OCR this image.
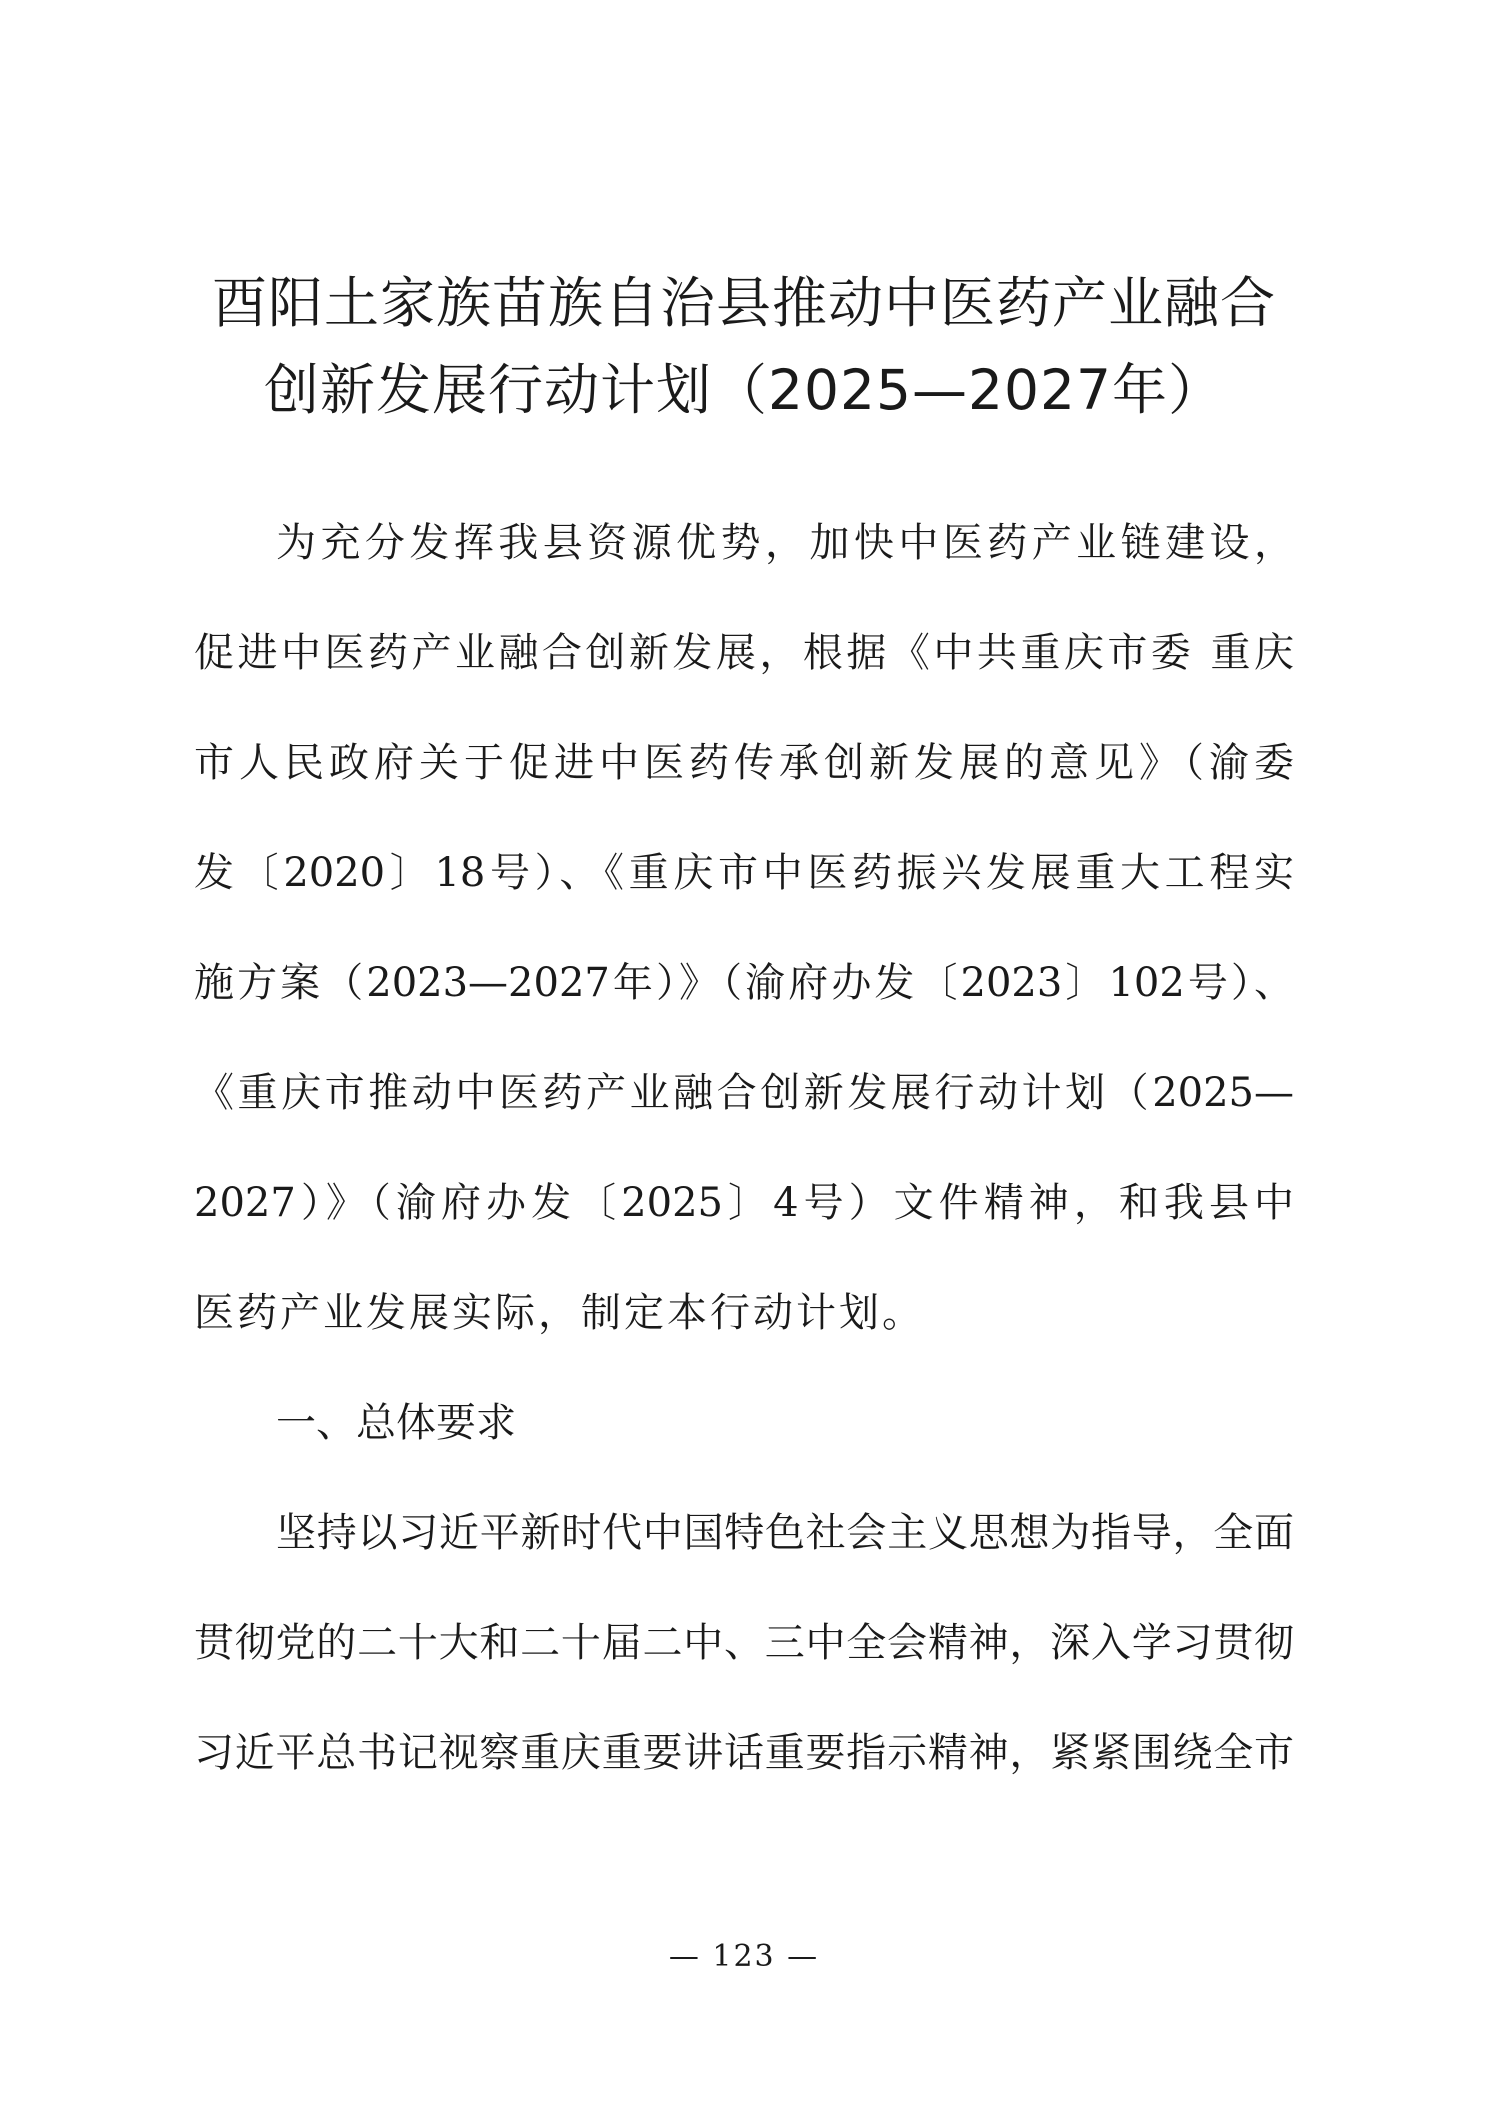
酉阳土家族苗族自治县推动中医药产业融合
创新发展行动计划（2025—2027年）
为充分发挥我县资源优势，加快中医药产业链建设，
促进中医药产业融合创新发展，根据《中共重庆市委 重庆
市人民政府关于促进中医药传承创新发展的意见》（渝委
发〔2020〕18号）、《重庆市中医药振兴发展重大工程实
施方案（2023—2027年）》（渝府办发〔2023〕102号）、
《重庆市推动中医药产业融合创新发展行动计划（2025—
2027）》（渝府办发〔2025〕4号）文件精神，和我县中
医药产业发展实际，制定本行动计划。
一、总体要求
坚持以习近平新时代中国特色社会主义思想为指导，全面
贯彻党的二十大和二十届二中、三中全会精神，深入学习贯彻
习近平总书记视察重庆重要讲话重要指示精神，紧紧围绕全市
— 123 —
